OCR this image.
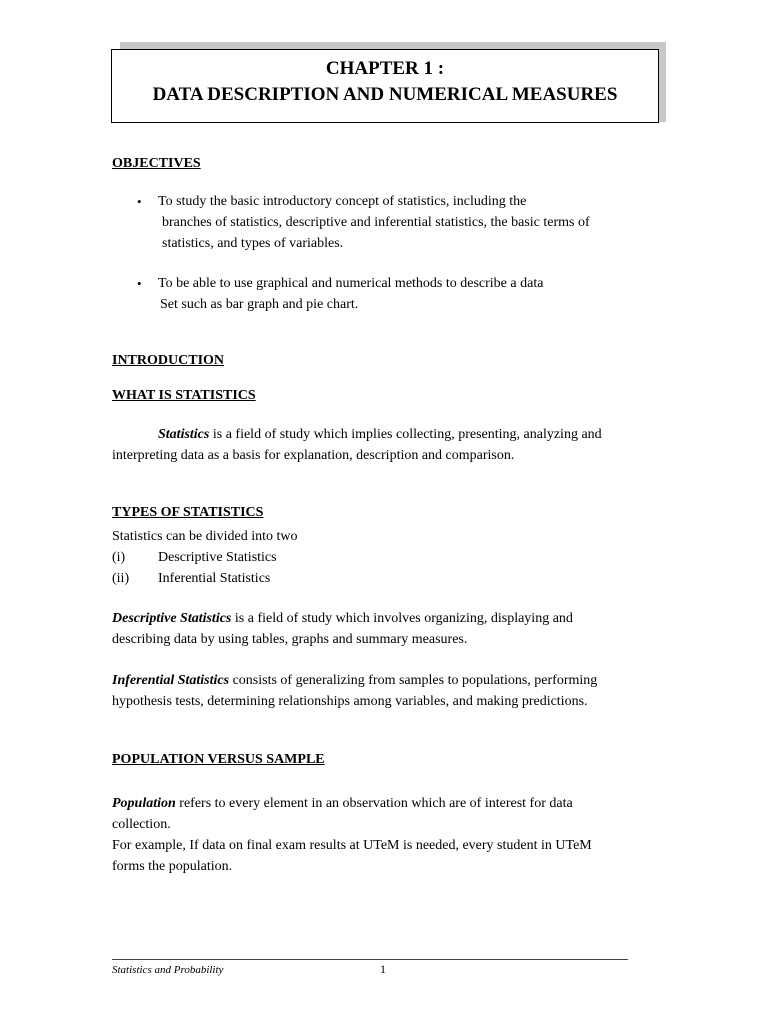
CHAPTER 1 :
DATA DESCRIPTION AND NUMERICAL MEASURES
OBJECTIVES
• To study the basic introductory concept of statistics, including the
branches of statistics, descriptive and inferential statistics, the basic terms of
statistics, and types of variables.
• To be able to use graphical and numerical methods to describe a data
Set such as bar graph and pie chart.
INTRODUCTION
WHAT IS STATISTICS
Statistics is a field of study which implies collecting, presenting, analyzing and
interpreting data as a basis for explanation, description and comparison.
TYPES OF STATISTICS
Statistics can be divided into two
(i) Descriptive Statistics
(ii) Inferential Statistics
Descriptive Statistics is a field of study which involves organizing, displaying and
describing data by using tables, graphs and summary measures.
Inferential Statistics consists of generalizing from samples to populations, performing
hypothesis tests, determining relationships among variables, and making predictions.
POPULATION VERSUS SAMPLE
Population refers to every element in an observation which are of interest for data
collection.
For example, If data on final exam results at UTeM is needed, every student in UTeM
forms the population.
Statistics and Probability	1
